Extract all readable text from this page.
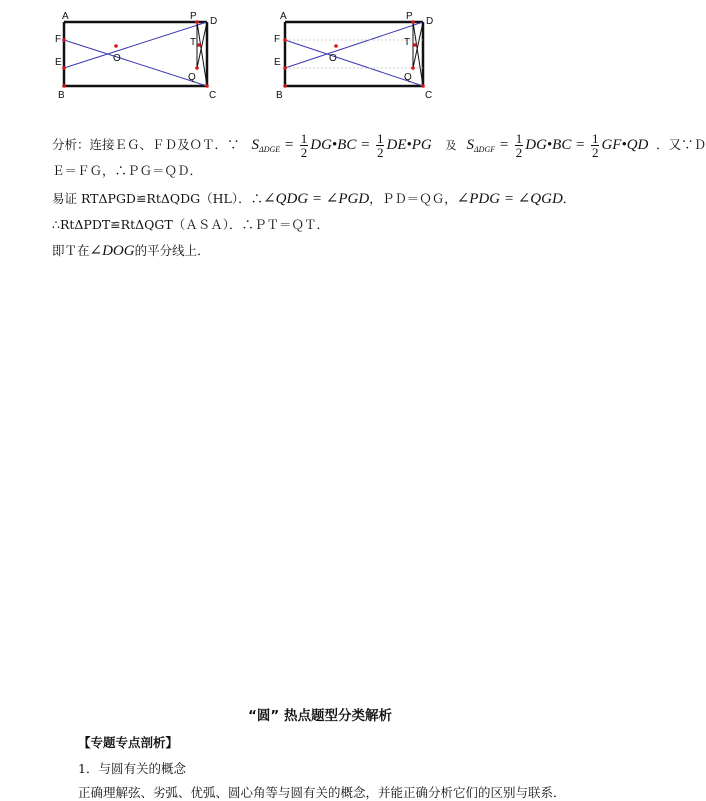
A	P D
F	T
O
E
Q
B	C
A	P D
F	T
O
E
Q
B	C
分析：连接ＥＧ、ＦＤ及ＯＴ．∵ $S_{\Delta DGE} = \frac{1}{2}$ DG•BC = $\frac{1}{2}$ DE•PG 及 $S_{\Delta DGF} = \frac{1}{2}$ DG•BC = $\frac{1}{2}$ GF•QD ．又∵Ｄ
Ｅ＝ＦＧ，∴ＰＧ＝ＱＤ．
易证 RTΔPGD≌RtΔQDG（HL）．∴∠QDG = ∠PGD，ＰＤ＝ＱＧ，∠PDG = ∠QGD．
∴RtΔPDT≌RtΔQGT（ＡＳＡ）．∴ＰＴ＝ＱＴ．
即Ｔ在∠DOG的平分线上．
“圆” 热点题型分类解析
【专题专点剖析】
1．与圆有关的概念
正确理解弦、劣弧、优弧、圆心角等与圆有关的概念，并能正确分析它们的区别与联系．
